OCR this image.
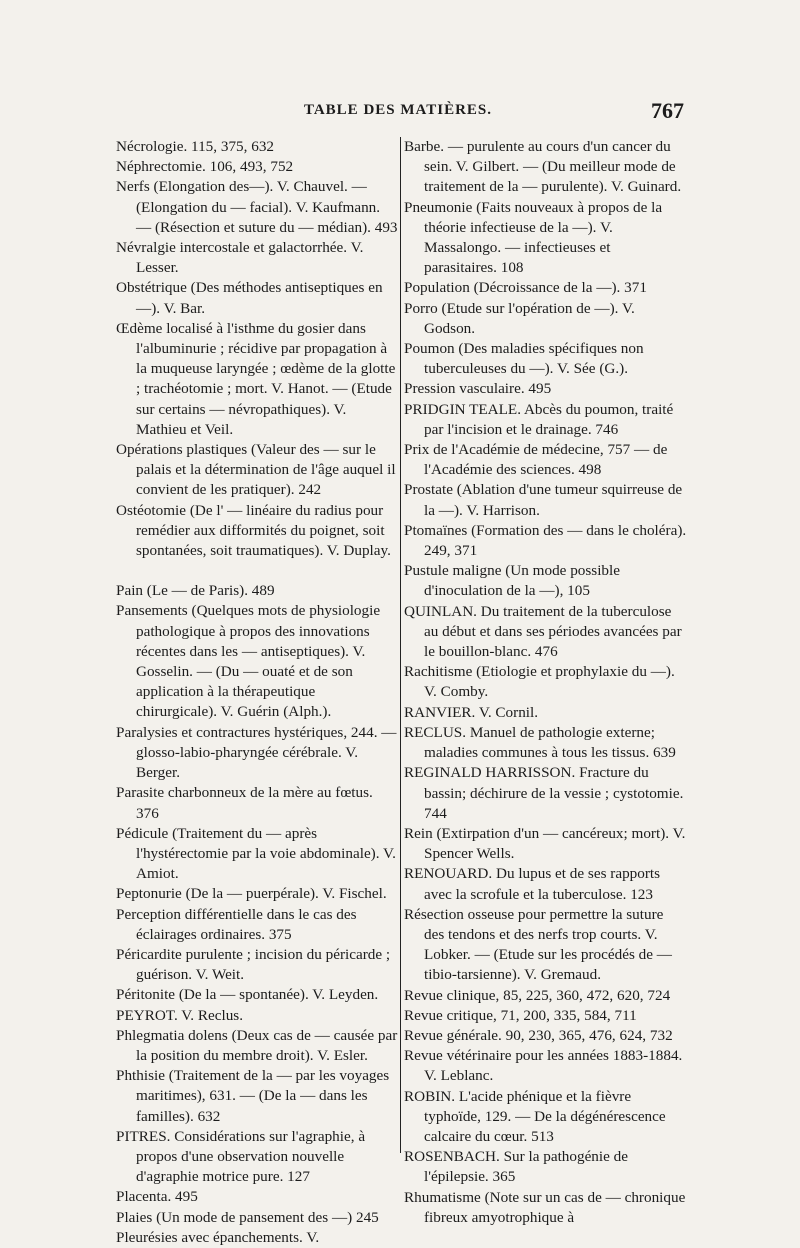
TABLE DES MATIÈRES.	767

Nécrologie. 115, 375, 632

Néphrectomie. 106, 493, 752

Nerfs (Elongation des—). V. Chauvel. —(Elongation du — facial). V. Kaufmann. — (Résection et suture du — médian). 493

Névralgie intercostale et galactorrhée. V. Lesser.

Obstétrique (Des méthodes antiseptiques en —). V. Bar.

Œdème localisé à l'isthme du gosier dans l'albuminurie ; récidive par propagation à la muqueuse laryngée ; œdème de la glotte ; trachéotomie ; mort. V. Hanot. — (Etude sur certains — névropathiques). V. Mathieu et Veil.

Opérations plastiques (Valeur des — sur le palais et la détermination de l'âge auquel il convient de les pratiquer). 242

Ostéotomie (De l' — linéaire du radius pour remédier aux difformités du poignet, soit spontanées, soit traumatiques). V. Duplay.

Pain (Le — de Paris). 489

Pansements (Quelques mots de physiologie pathologique à propos des innovations récentes dans les — antiseptiques). V. Gosselin. — (Du — ouaté et de son application à la thérapeutique chirurgicale). V. Guérin (Alph.).

Paralysies et contractures hystériques, 244. — glosso-labio-pharyngée cérébrale. V. Berger.

Parasite charbonneux de la mère au fœtus. 376

Pédicule (Traitement du — après l'hystérectomie par la voie abdominale). V. Amiot.

Peptonurie (De la — puerpérale). V. Fischel.

Perception différentielle dans le cas des éclairages ordinaires. 375

Péricardite purulente ; incision du péricarde ; guérison. V. Weit.

Péritonite (De la — spontanée). V. Leyden.

PEYROT. V. Reclus.

Phlegmatia dolens (Deux cas de — causée par la position du membre droit). V. Esler.

Phthisie (Traitement de la — par les voyages maritimes), 631. — (De la — dans les familles). 632

PITRES. Considérations sur l'agraphie, à propos d'une observation nouvelle d'agraphie motrice pure. 127

Placenta. 495

Plaies (Un mode de pansement des —) 245

Pleurésies avec épanchements. V.

Barbe. — purulente au cours d'un cancer du sein. V. Gilbert. — (Du meilleur mode de traitement de la — purulente). V. Guinard.

Pneumonie (Faits nouveaux à propos de la théorie infectieuse de la —). V. Massalongo. — infectieuses et parasitaires. 108

Population (Décroissance de la —). 371

Porro (Etude sur l'opération de —). V. Godson.

Poumon (Des maladies spécifiques non tuberculeuses du —). V. Sée (G.).

Pression vasculaire. 495

PRIDGIN TEALE. Abcès du poumon, traité par l'incision et le drainage. 746

Prix de l'Académie de médecine, 757 — de l'Académie des sciences. 498

Prostate (Ablation d'une tumeur squirreuse de la —). V. Harrison.

Ptomaïnes (Formation des — dans le choléra). 249, 371

Pustule maligne (Un mode possible d'inoculation de la —), 105

QUINLAN. Du traitement de la tuberculose au début et dans ses périodes avancées par le bouillon-blanc. 476

Rachitisme (Etiologie et prophylaxie du —). V. Comby.

RANVIER. V. Cornil.

RECLUS. Manuel de pathologie externe; maladies communes à tous les tissus. 639

REGINALD HARRISSON. Fracture du bassin; déchirure de la vessie ; cystotomie. 744

Rein (Extirpation d'un — cancéreux; mort). V. Spencer Wells.

RENOUARD. Du lupus et de ses rapports avec la scrofule et la tuberculose. 123

Résection osseuse pour permettre la suture des tendons et des nerfs trop courts. V. Lobker. — (Etude sur les procédés de — tibio-tarsienne). V. Gremaud.

Revue clinique, 85, 225, 360, 472, 620, 724

Revue critique, 71, 200, 335, 584, 711

Revue générale. 90, 230, 365, 476, 624, 732

Revue vétérinaire pour les années 1883-1884. V. Leblanc.

ROBIN. L'acide phénique et la fièvre typhoïde, 129. — De la dégénérescence calcaire du cœur. 513

ROSENBACH. Sur la pathogénie de l'épilepsie. 365

Rhumatisme (Note sur un cas de — chronique fibreux amyotrophique à
